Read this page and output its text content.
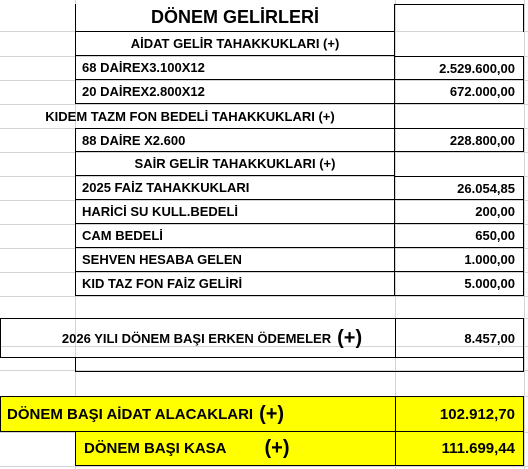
DÖNEM GELİRLERİ
AİDAT GELİR TAHAKKUKLARI (+)
68 DAİREX3.100X12	2.529.600,00
20 DAİREX2.800X12	672.000,00
KIDEM TAZM FON BEDELİ TAHAKKUKLARI (+)
88 DAİRE X2.600	228.800,00
SAİR GELİR TAHAKKUKLARI (+)
2025 FAİZ TAHAKKUKLARI	26.054,85
HARİCİ SU KULL.BEDELİ	200,00
CAM BEDELİ	650,00
SEHVEN HESABA GELEN	1.000,00
KID TAZ FON FAİZ GELİRİ	5.000,00
2026 YILI DÖNEM BAŞI ERKEN ÖDEMELER (+)	8.457,00
DÖNEM BAŞI AİDAT ALACAKLARI (+)	102.912,70
DÖNEM BAŞI KASA (+)	111.699,44
